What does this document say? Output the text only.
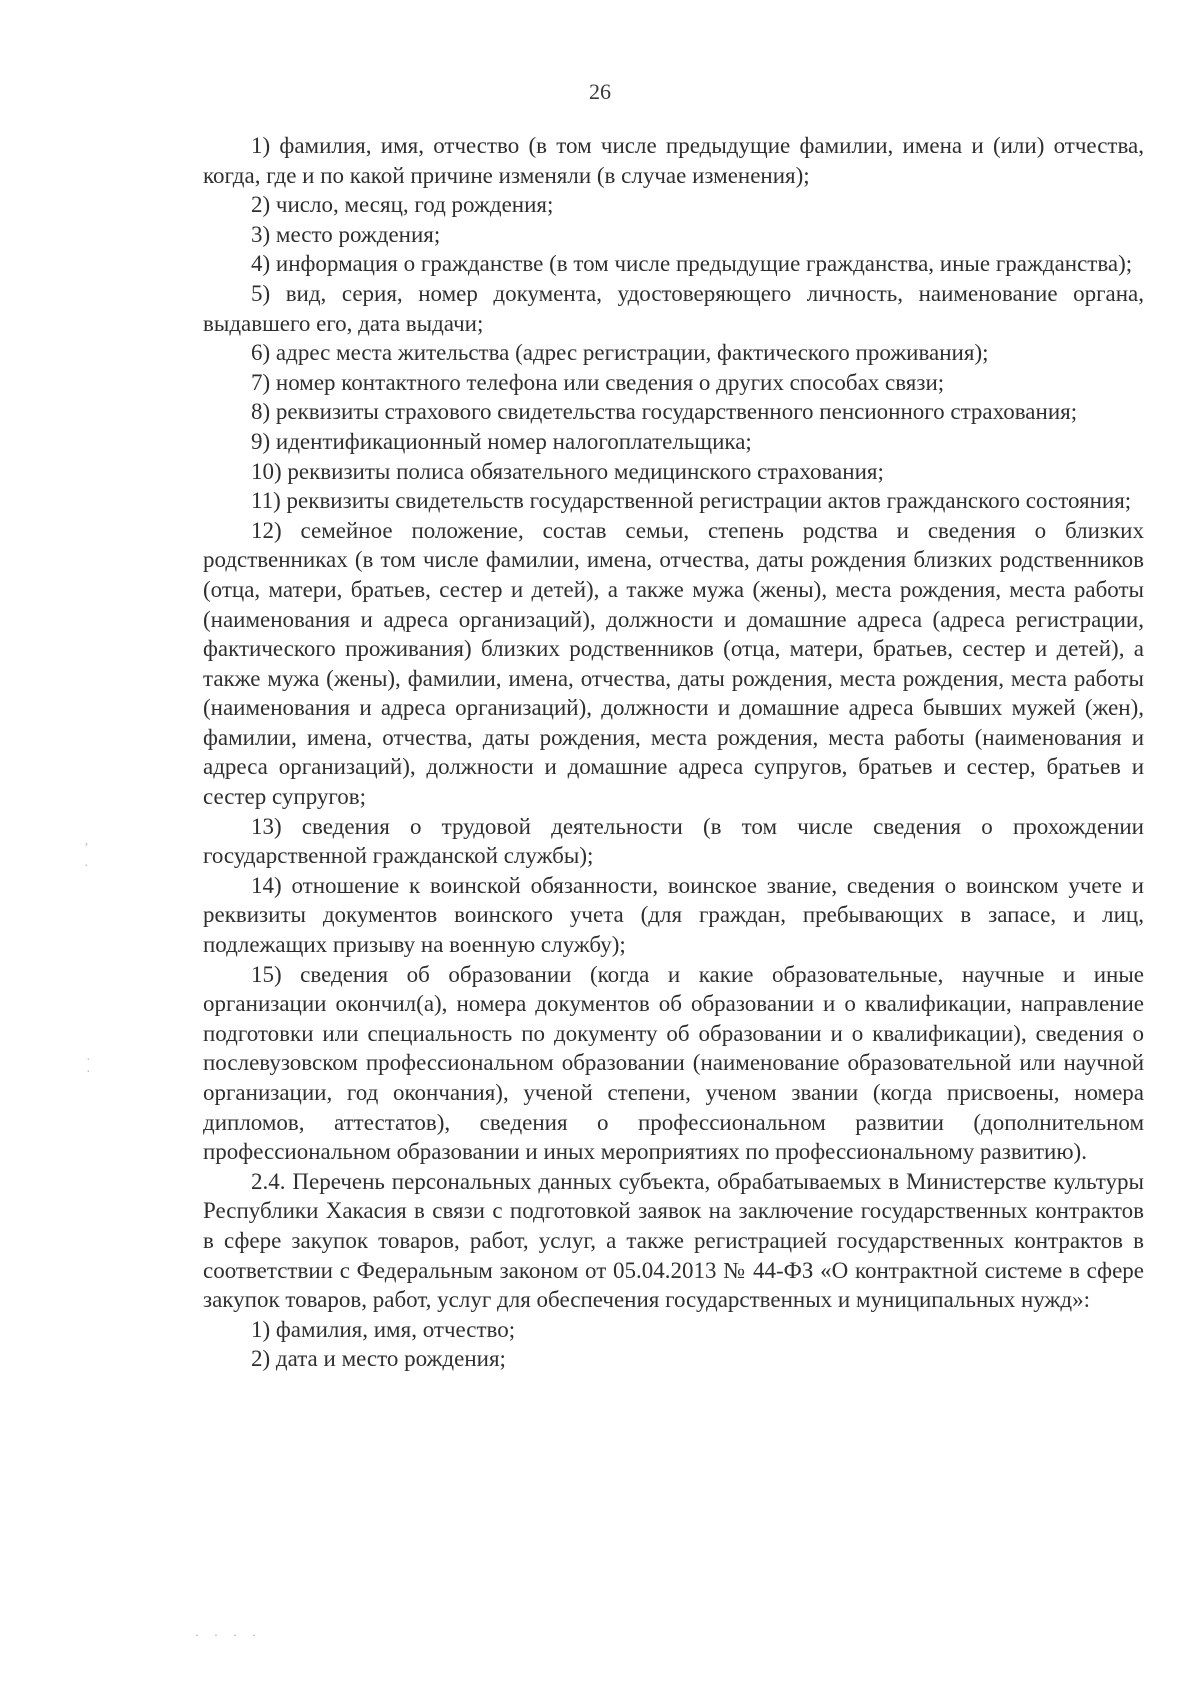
26
’
·
·
·
· · · ·

1) фамилия, имя, отчество (в том числе предыдущие фамилии, имена и (или) отчества, когда, где и по какой причине изменяли (в случае изменения);

2) число, месяц, год рождения;

3) место рождения;

4) информация о гражданстве (в том числе предыдущие гражданства, иные гражданства);

5) вид, серия, номер документа, удостоверяющего личность, наименование органа, выдавшего его, дата выдачи;

6) адрес места жительства (адрес регистрации, фактического проживания);

7) номер контактного телефона или сведения о других способах связи;

8) реквизиты страхового свидетельства государственного пенсионного страхования;

9) идентификационный номер налогоплательщика;

10) реквизиты полиса обязательного медицинского страхования;

11) реквизиты свидетельств государственной регистрации актов гражданского состояния;

12) семейное положение, состав семьи, степень родства и сведения о близких родственниках (в том числе фамилии, имена, отчества, даты рождения близких родственников (отца, матери, братьев, сестер и детей), а также мужа (жены), места рождения, места работы (наименования и адреса организаций), должности и домашние адреса (адреса регистрации, фактического проживания) близких родственников (отца, матери, братьев, сестер и детей), а также мужа (жены), фамилии, имена, отчества, даты рождения, места рождения, места работы (наименования и адреса организаций), должности и домашние адреса бывших мужей (жен), фамилии, имена, отчества, даты рождения, места рождения, места работы (наименования и адреса организаций), должности и домашние адреса супругов, братьев и сестер, братьев и сестер супругов;

13) сведения о трудовой деятельности (в том числе сведения о прохождении государственной гражданской службы);

14) отношение к воинской обязанности, воинское звание, сведения о воинском учете и реквизиты документов воинского учета (для граждан, пребывающих в запасе, и лиц, подлежащих призыву на военную службу);

15) сведения об образовании (когда и какие образовательные, научные и иные организации окончил(а), номера документов об образовании и о квалификации, направление подготовки или специальность по документу об образовании и о квалификации), сведения о послевузовском профессиональном образовании (наименование образовательной или научной организации, год окончания), ученой степени, ученом звании (когда присвоены, номера дипломов, аттестатов), сведения о профессиональном развитии (дополнительном профессиональном образовании и иных мероприятиях по профессиональному развитию).

2.4. Перечень персональных данных субъекта, обрабатываемых в Министерстве культуры Республики Хакасия в связи с подготовкой заявок на заключение государственных контрактов в сфере закупок товаров, работ, услуг, а также регистрацией государственных контрактов в соответствии с Федеральным законом от 05.04.2013 № 44-ФЗ «О контрактной системе в сфере закупок товаров, работ, услуг для обеспечения государственных и муниципальных нужд»:

1) фамилия, имя, отчество;

2) дата и место рождения;
